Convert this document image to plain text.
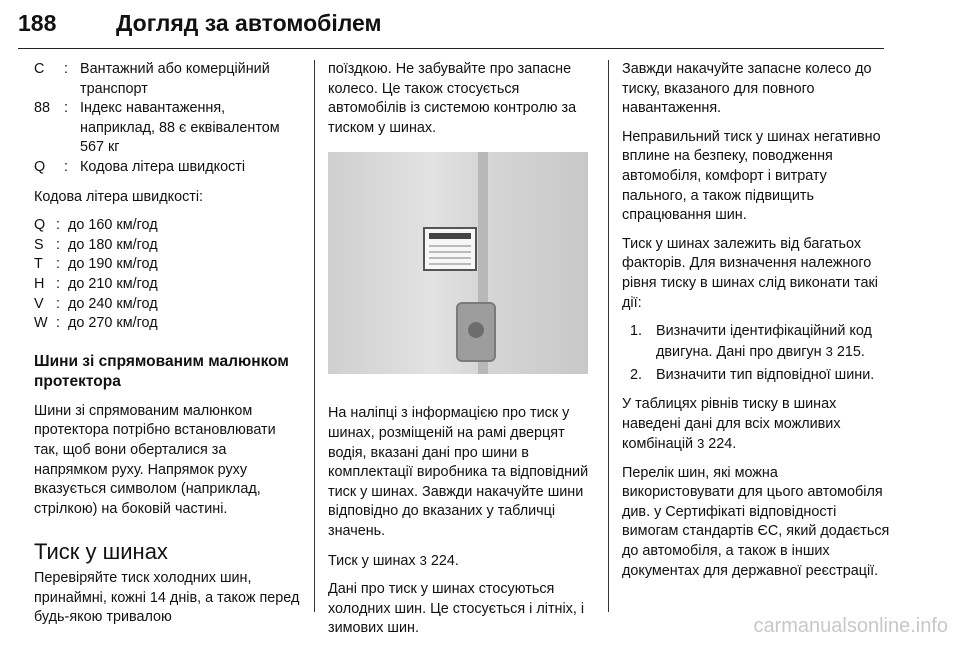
188	Догляд за автомобілем
C	: Вантажний або комерційний транспорт
88 : Індекс навантаження, наприклад, 88 є еквівалентом 567 кг
Q	: Кодова літера швидкості

Кодова літера швидкості:

Q : до 160 км/год
S : до 180 км/год
T : до 190 км/год
H : до 210 км/год
V : до 240 км/год
W : до 270 км/год
Шини зі спрямованим малюнком протектора

Шини зі спрямованим малюнком протектора потрібно встановлювати так, щоб вони оберталися за напрямком руху. Напрямок руху вказується символом (наприклад, стрілкою) на боковій частині.

Тиск у шинах

Перевіряйте тиск холодних шин, принаймні, кожні 14 днів, а також перед будь-якою тривалою

поїздкою. Не забувайте про запасне колесо. Це також стосується автомобілів із системою контролю за тиском у шинах.

На наліпці з інформацією про тиск у шинах, розміщеній на рамі дверцят водія, вказані дані про шини в комплектації виробника та відповідний тиск у шинах. Завжди накачуйте шини відповідно до вказаних у табличці значень.

Тиск у шинах 3 224.

Дані про тиск у шинах стосуються холодних шин. Це стосується і літніх, і зимових шин.

Завжди накачуйте запасне колесо до тиску, вказаного для повного навантаження.

Неправильний тиск у шинах негативно вплине на безпеку, поводження автомобіля, комфорт і витрату пального, а також підвищить спрацювання шин.

Тиск у шинах залежить від багатьох факторів. Для визначення належного рівня тиску в шинах слід виконати такі дії:

1. Визначити ідентифікаційний код двигуна. Дані про двигун 3 215.
2. Визначити тип відповідної шини.

У таблицях рівнів тиску в шинах наведені дані для всіх можливих комбінацій 3 224.

Перелік шин, які можна використовувати для цього автомобіля див. у Сертифікаті відповідності вимогам стандартів ЄС, який додається до автомобіля, а також в інших документах для державної реєстрації.

carmanualsonline.info
